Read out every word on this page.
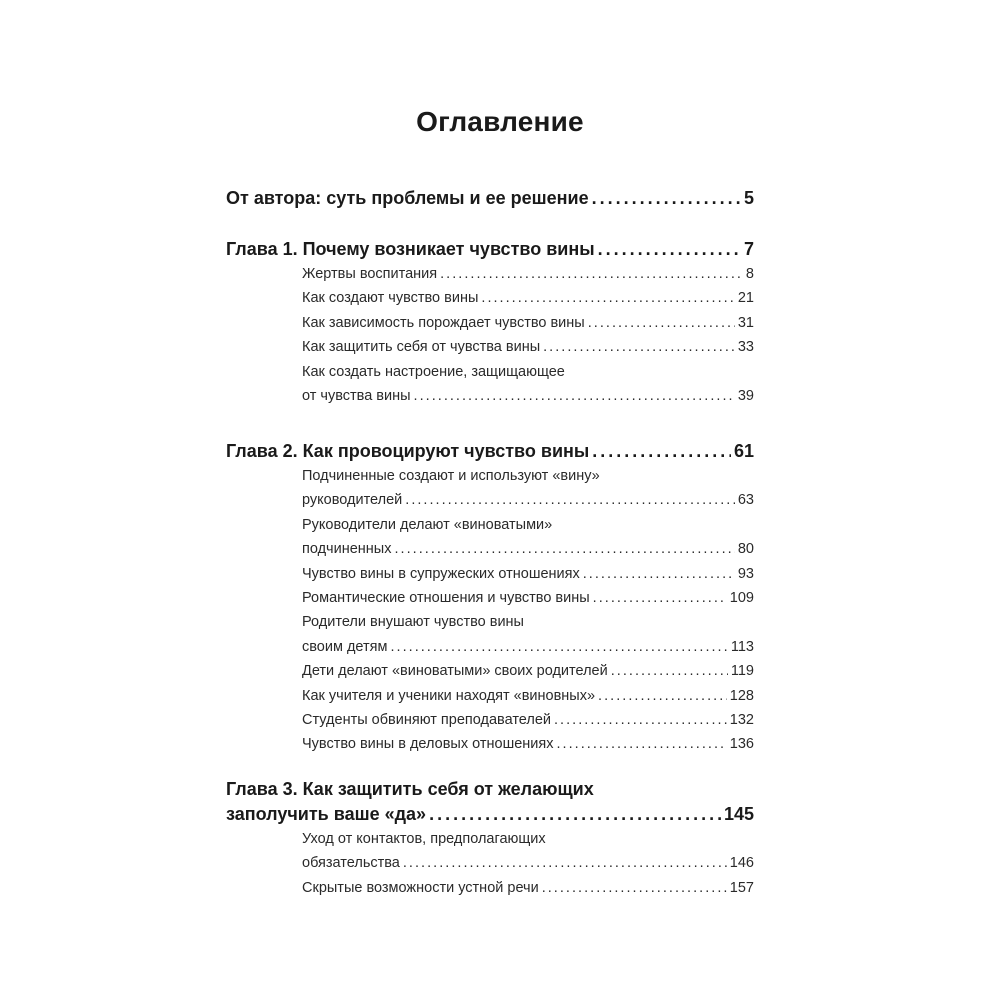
Оглавление
От автора: суть проблемы и ее решение . . .	5
Глава 1. Почему возникает чувство вины . . .	7
Жертвы воспитания . . .	8
Как создают чувство вины . . .	21
Как зависимость порождает чувство вины . . .	31
Как защитить себя от чувства вины . . .	33
Как создать настроение, защищающее
от чувства вины . . .	39
Глава 2. Как провоцируют чувство вины . . .	61
Подчиненные создают и используют «вину»
руководителей . . .	63
Руководители делают «виноватыми»
подчиненных . . .	80
Чувство вины в супружеских отношениях . . .	93
Романтические отношения и чувство вины . . .	109
Родители внушают чувство вины
своим детям . . .	113
Дети делают «виноватыми» своих родителей . . .	119
Как учителя и ученики находят «виновных» . . .	128
Студенты обвиняют преподавателей . . .	132
Чувство вины в деловых отношениях . . .	136
Глава 3. Как защитить себя от желающих
заполучить ваше «да» . . .	145
Уход от контактов, предполагающих
обязательства . . .	146
Скрытые возможности устной речи . . .	157
